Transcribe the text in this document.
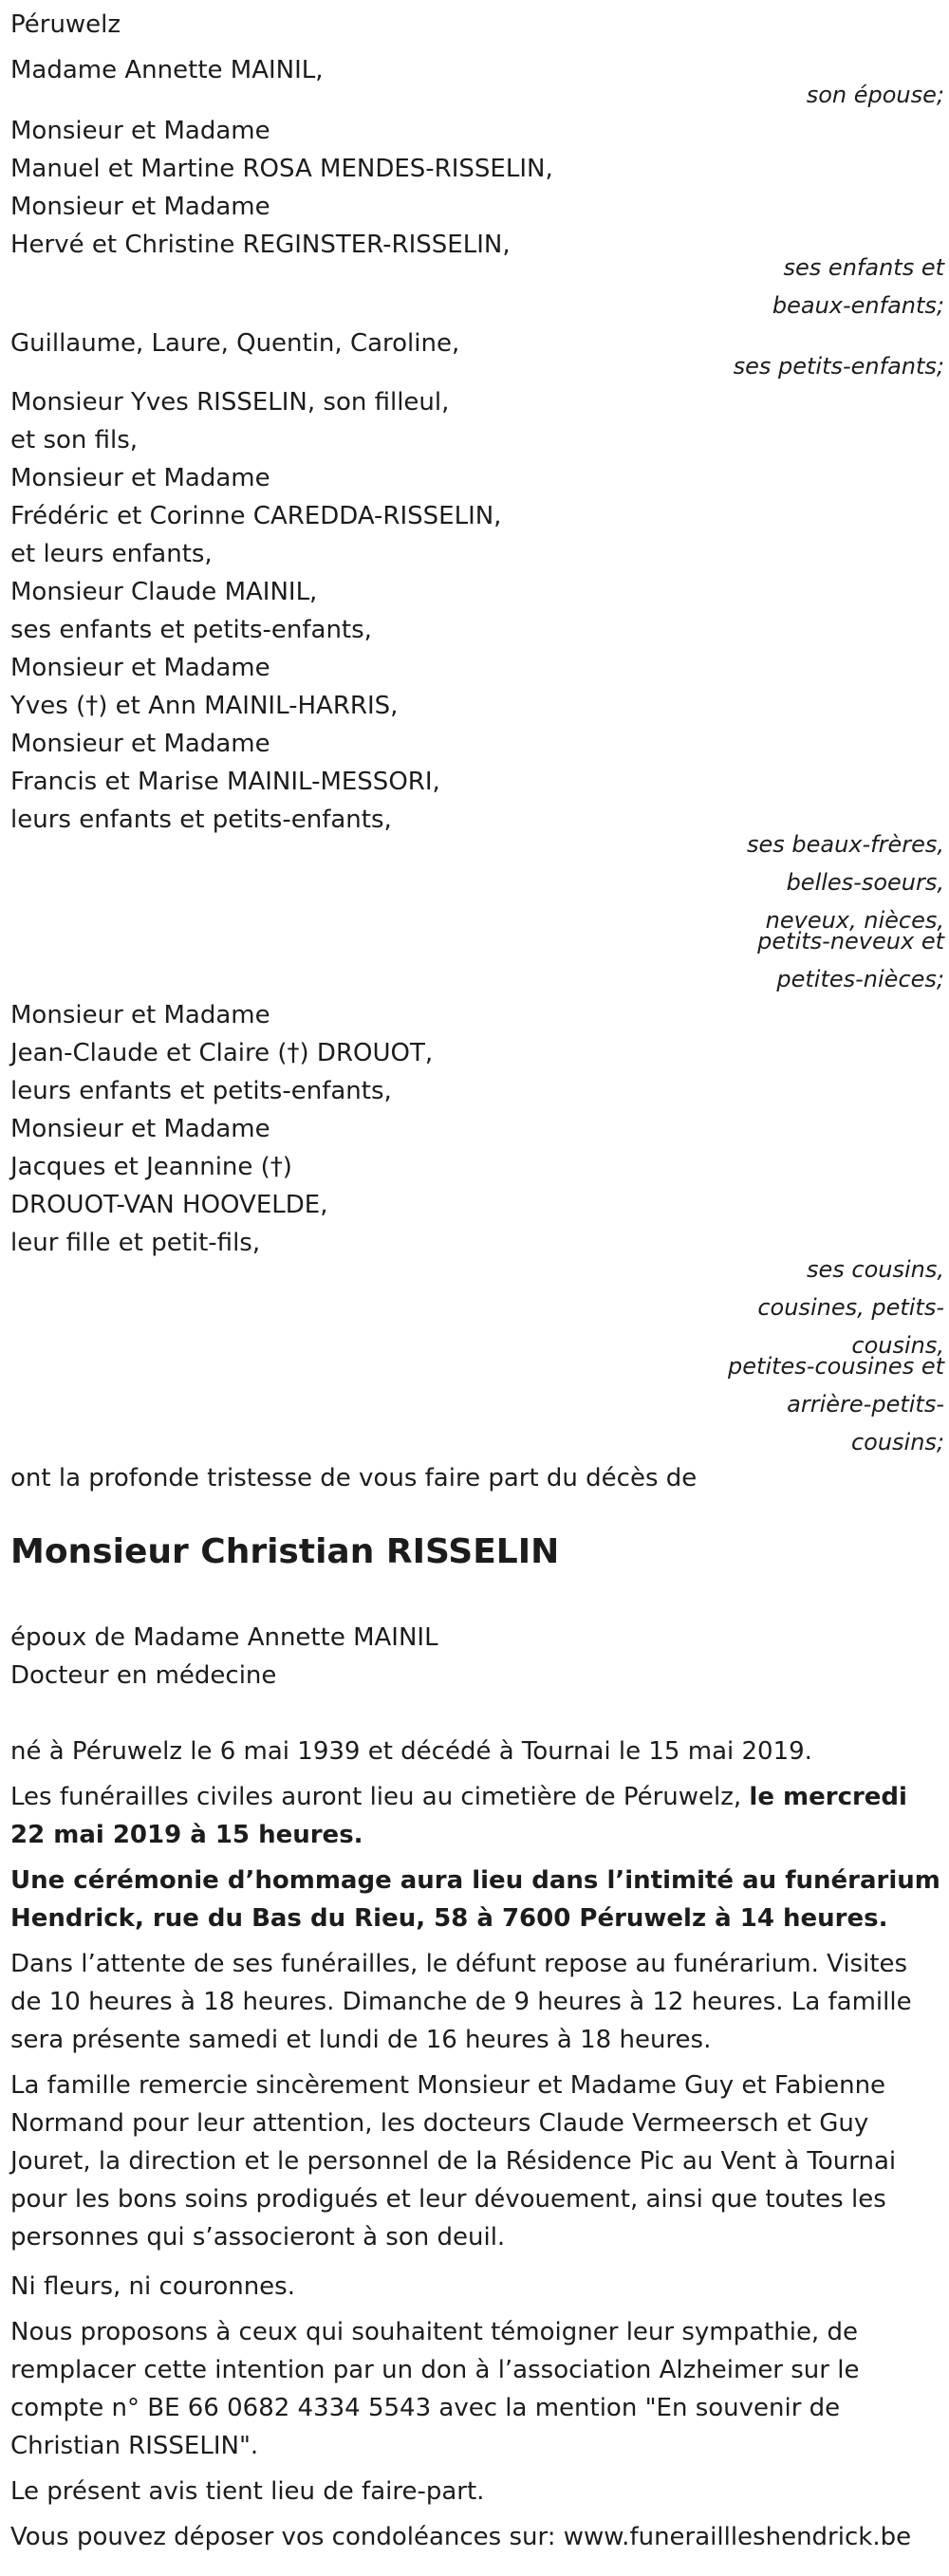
Péruwelz

Madame Annette MAINIL,

son épouse;

Monsieur et Madame

Manuel et Martine ROSA MENDES-RISSELIN,

Monsieur et Madame

Hervé et Christine REGINSTER-RISSELIN,

ses enfants et

beaux-enfants;

Guillaume, Laure, Quentin, Caroline,

ses petits-enfants;

Monsieur Yves RISSELIN, son filleul,

et son fils,

Monsieur et Madame

Frédéric et Corinne CAREDDA-RISSELIN,

et leurs enfants,

Monsieur Claude MAINIL,

ses enfants et petits-enfants,

Monsieur et Madame

Yves (†) et Ann MAINIL-HARRIS,

Monsieur et Madame

Francis et Marise MAINIL-MESSORI,

leurs enfants et petits-enfants,

ses beaux-frères,

belles-soeurs,

neveux, nièces,

petits-neveux et

petites-nièces;

Monsieur et Madame

Jean-Claude et Claire (†) DROUOT,

leurs enfants et petits-enfants,

Monsieur et Madame

Jacques et Jeannine (†)

DROUOT-VAN HOOVELDE,

leur fille et petit-fils,

ses cousins,

cousines, petits-

cousins,

petites-cousines et

arrière-petits-

cousins;

ont la profonde tristesse de vous faire part du décès de

Monsieur Christian RISSELIN

époux de Madame Annette MAINIL

Docteur en médecine

né à Péruwelz le 6 mai 1939 et décédé à Tournai le 15 mai 2019.

Les funérailles civiles auront lieu au cimetière de Péruwelz, le mercredi 22 mai 2019 à 15 heures.

Une cérémonie d’hommage aura lieu dans l’intimité au funérarium Hendrick, rue du Bas du Rieu, 58 à 7600 Péruwelz à 14 heures.

Dans l’attente de ses funérailles, le défunt repose au funérarium. Visites de 10 heures à 18 heures. Dimanche de 9 heures à 12 heures. La famille sera présente samedi et lundi de 16 heures à 18 heures.

La famille remercie sincèrement Monsieur et Madame Guy et Fabienne Normand pour leur attention, les docteurs Claude Vermeersch et Guy Jouret, la direction et le personnel de la Résidence Pic au Vent à Tournai pour les bons soins prodigués et leur dévouement, ainsi que toutes les personnes qui s’associeront à son deuil.

Ni fleurs, ni couronnes.

Nous proposons à ceux qui souhaitent témoigner leur sympathie, de remplacer cette intention par un don à l’association Alzheimer sur le compte n° BE 66 0682 4334 5543 avec la mention "En souvenir de Christian RISSELIN".

Le présent avis tient lieu de faire-part.

Vous pouvez déposer vos condoléances sur: www.funeraillleshendrick.be
